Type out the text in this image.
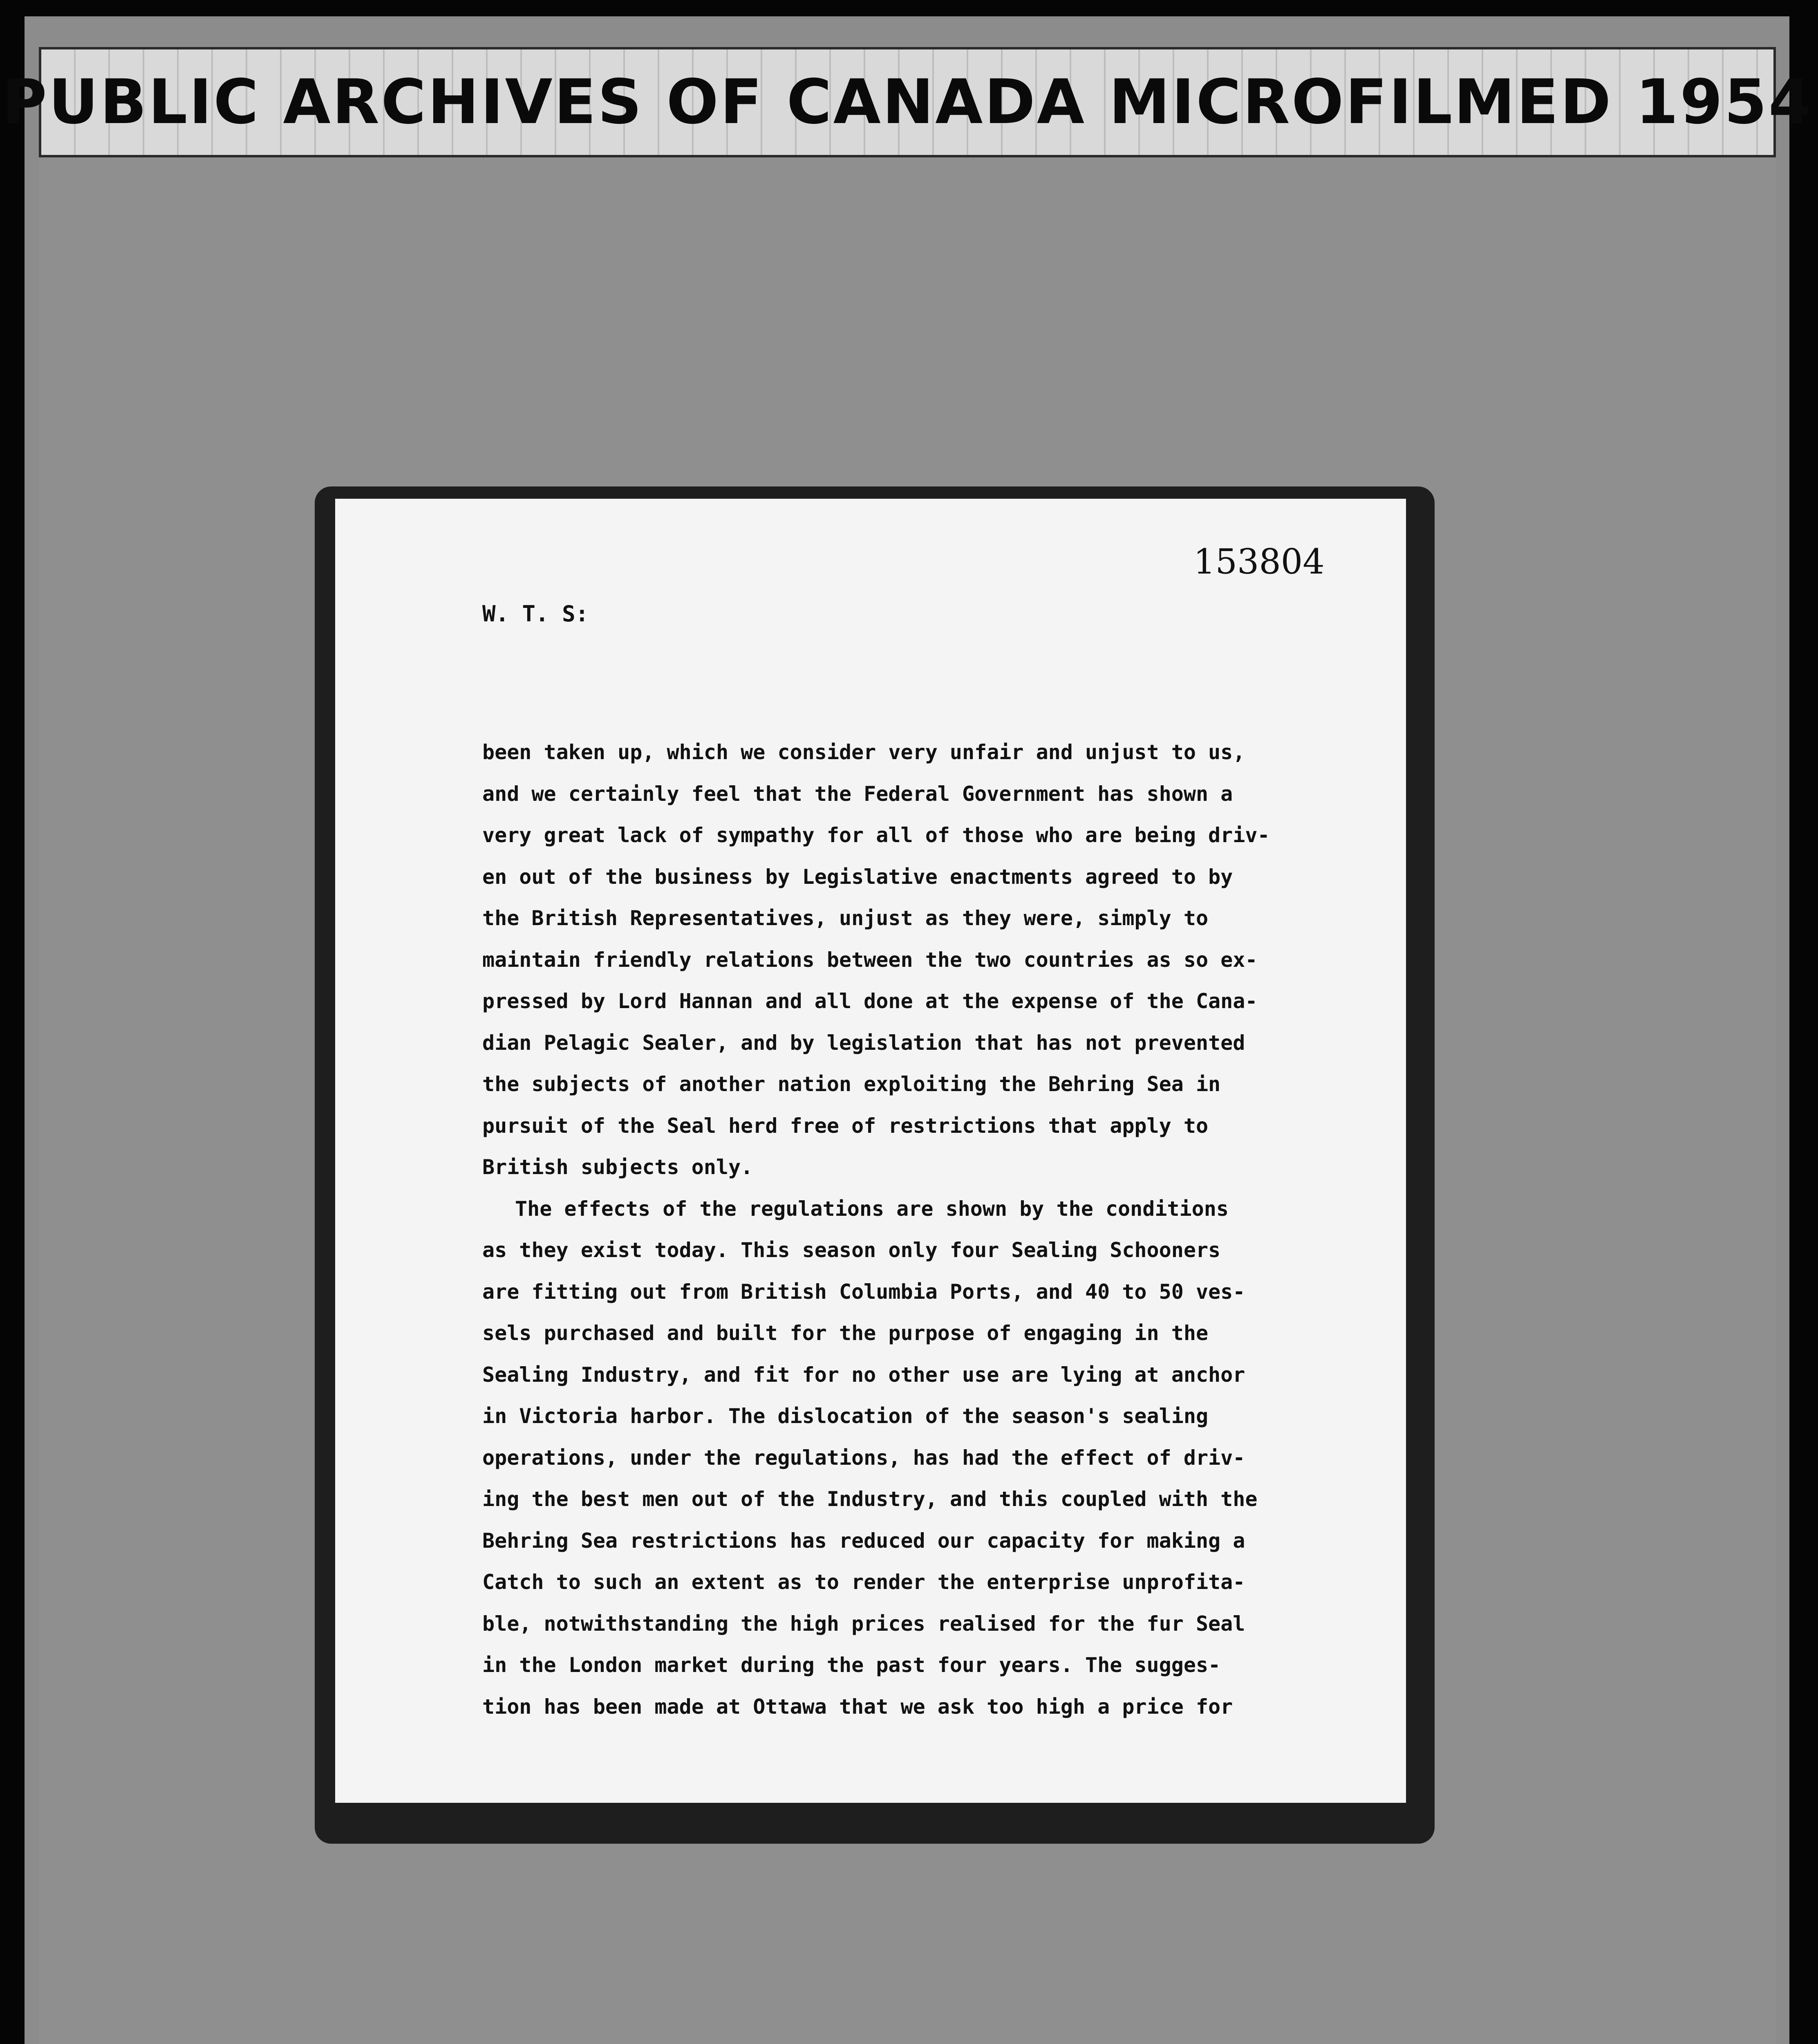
PUBLIC ARCHIVES OF CANADA MICROFILMED 1954
153804
W. T. S:
been taken up, which we consider very unfair and unjust to us,
and we certainly feel that the Federal Government has shown a
very great lack of sympathy for all of those who are being driv-
en out of the business by Legislative enactments agreed to by
the British Representatives, unjust as they were, simply to
maintain friendly relations between the two countries as so ex-
pressed by Lord Hannan and all done at the expense of the Cana-
dian Pelagic Sealer, and by legislation that has not prevented
the subjects of another nation exploiting the Behring Sea in
pursuit of the Seal herd free of restrictions that apply to
British subjects only.
The effects of the regulations are shown by the conditions
as they exist today. This season only four Sealing Schooners
are fitting out from British Columbia Ports, and 40 to 50 ves-
sels purchased and built for the purpose of engaging in the
Sealing Industry, and fit for no other use are lying at anchor
in Victoria harbor. The dislocation of the season's sealing
operations, under the regulations, has had the effect of driv-
ing the best men out of the Industry, and this coupled with the
Behring Sea restrictions has reduced our capacity for making a
Catch to such an extent as to render the enterprise unprofita-
ble, notwithstanding the high prices realised for the fur Seal
in the London market during the past four years. The sugges-
tion has been made at Ottawa that we ask too high a price for
